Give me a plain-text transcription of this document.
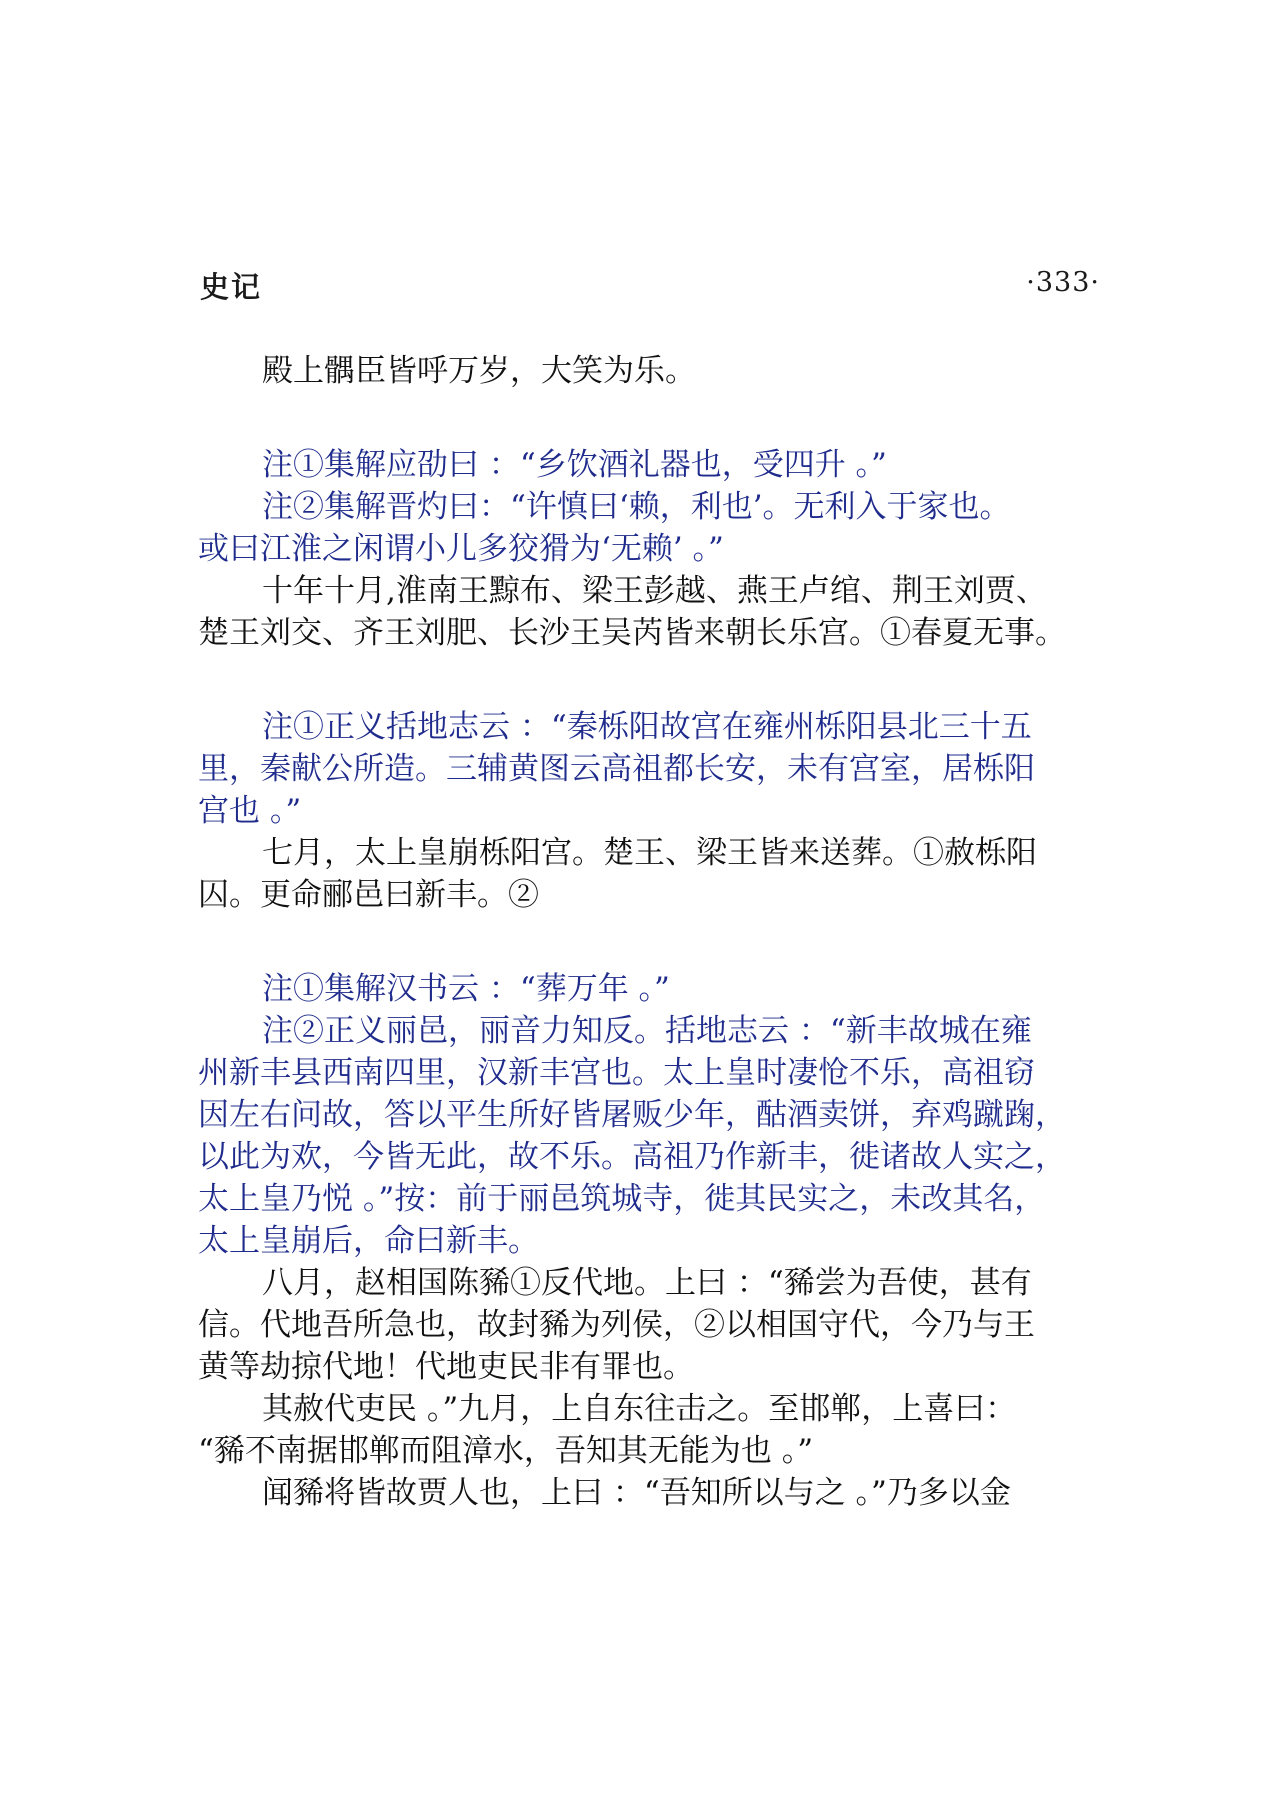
史记	·333·
殿上髃臣皆呼万岁，大笑为乐。
注①集解应劭曰 ：“乡饮酒礼器也，受四升 。”
注②集解晋灼曰：“许慎曰‘赖，利也’。无利入于家也。
或曰江淮之闲谓小儿多狡猾为‘无赖’ 。”
十年十月,淮南王黥布、梁王彭越、燕王卢绾、荆王刘贾、
楚王刘交、齐王刘肥、长沙王吴芮皆来朝长乐宫。①春夏无事。
注①正义括地志云 ：“秦栎阳故宫在雍州栎阳县北三十五
里，秦献公所造。三辅黄图云高祖都长安，未有宫室，居栎阳
宫也 。”
七月，太上皇崩栎阳宫。楚王、梁王皆来送葬。①赦栎阳
囚。更命郦邑曰新丰。②
注①集解汉书云 ：“葬万年 。”
注②正义丽邑，丽音力知反。括地志云 ：“新丰故城在雍
州新丰县西南四里，汉新丰宫也。太上皇时凄怆不乐，高祖窃
因左右问故，答以平生所好皆屠贩少年，酤酒卖饼，弃鸡蹴踘，
以此为欢，今皆无此，故不乐。高祖乃作新丰，徙诸故人实之，
太上皇乃悦 。”按：前于丽邑筑城寺，徙其民实之，未改其名，
太上皇崩后，命曰新丰。
八月，赵相国陈豨①反代地。上曰 ：“豨尝为吾使，甚有
信。代地吾所急也，故封豨为列侯，②以相国守代，今乃与王
黄等劫掠代地！代地吏民非有罪也。
其赦代吏民 。”九月，上自东往击之。至邯郸，上喜曰：
“豨不南据邯郸而阻漳水，吾知其无能为也 。”
闻豨将皆故贾人也，上曰 ：“吾知所以与之 。”乃多以金
